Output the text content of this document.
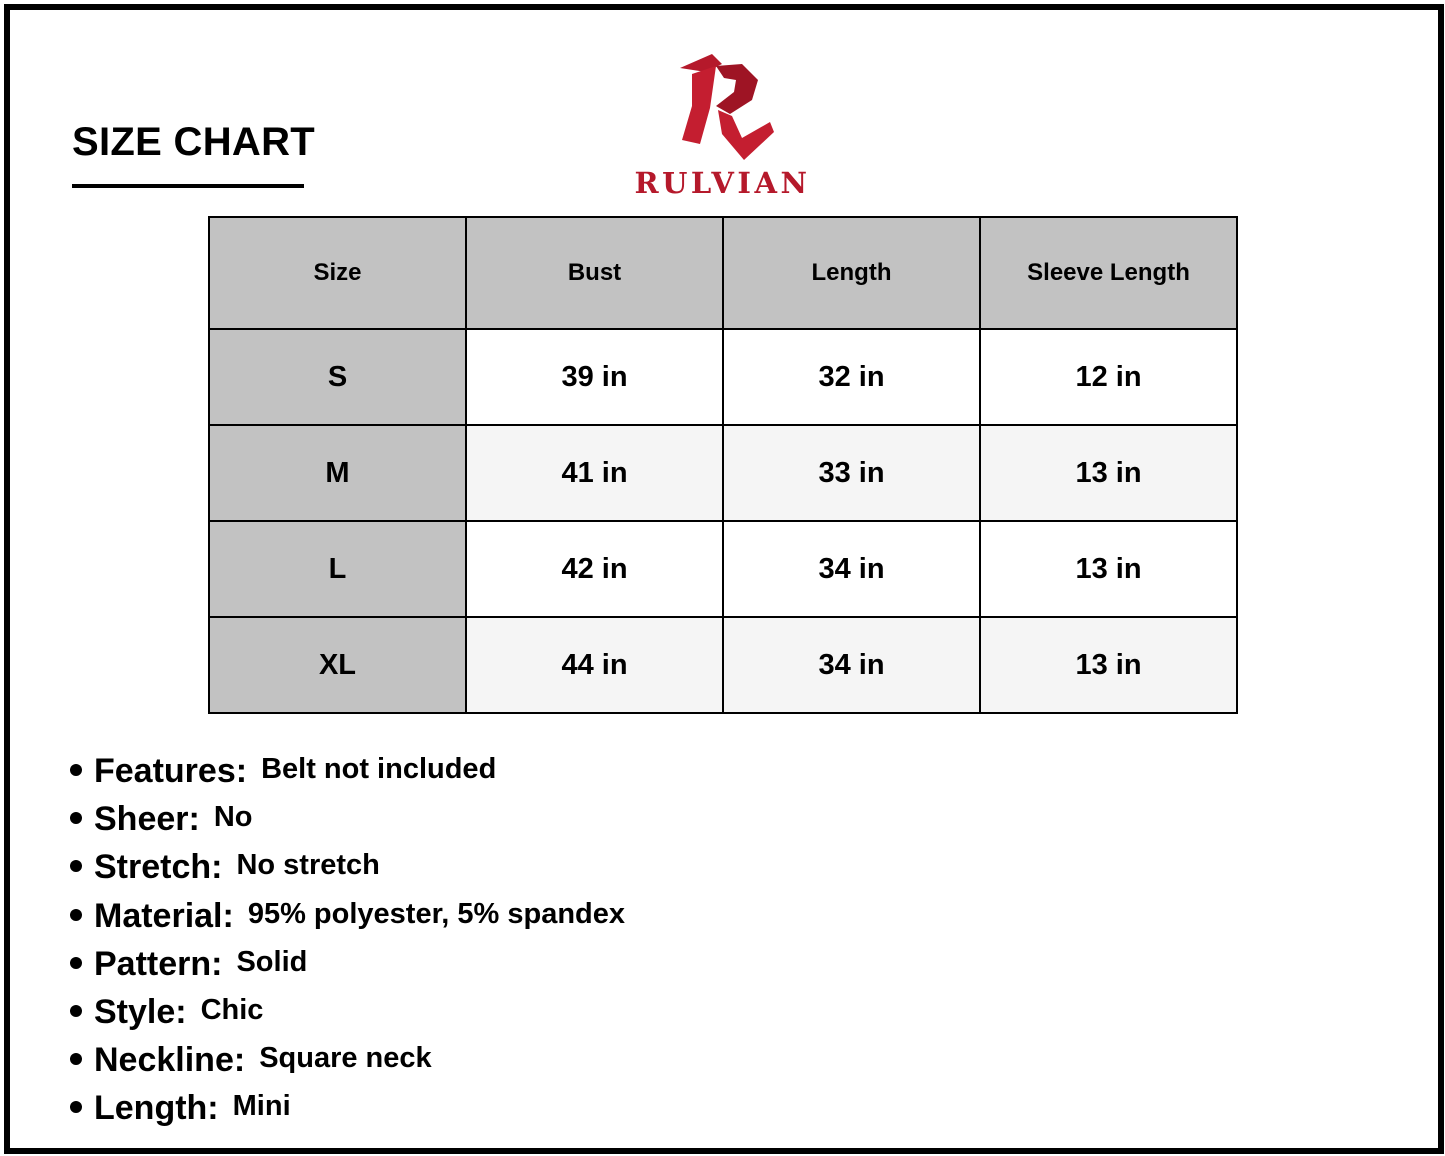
SIZE CHART
RULVIAN
Size	Bust	Length	Sleeve Length
S	39 in	32 in	12 in
M	41 in	33 in	13 in
L	42 in	34 in	13 in
XL	44 in	34 in	13 in
Features: Belt not included
Sheer: No
Stretch: No stretch
Material: 95% polyester, 5% spandex
Pattern: Solid
Style: Chic
Neckline: Square neck
Length: Mini
